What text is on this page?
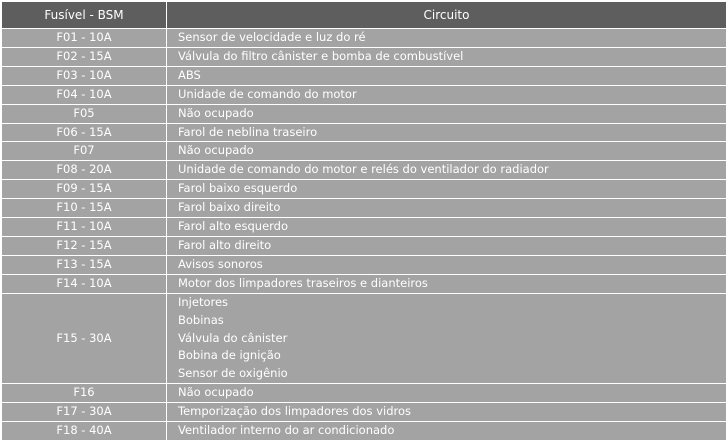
Fusível - BSM	Circuito
F01 - 10A	Sensor de velocidade e luz do ré

F02 - 15A	Válvula do filtro cânister e bomba de combustível

F03 - 10A	ABS

F04 - 10A	Unidade de comando do motor

F05	Não ocupado

F06 - 15A	Farol de neblina traseiro

F07	Não ocupado

F08 - 20A	Unidade de comando do motor e relés do ventilador do radiador

F09 - 15A	Farol baixo esquerdo

F10 - 15A	Farol baixo direito

F11 - 10A	Farol alto esquerdo

F12 - 15A	Farol alto direito

F13 - 15A	Avisos sonoros

F14 - 10A	Motor dos limpadores traseiros e dianteiros

F15 - 30A	Injetores
Bobinas
Válvula do cânister
Bobina de ignição
Sensor de oxigênio

F16	Não ocupado

F17 - 30A	Temporização dos limpadores dos vidros

F18 - 40A	Ventilador interno do ar condicionado
